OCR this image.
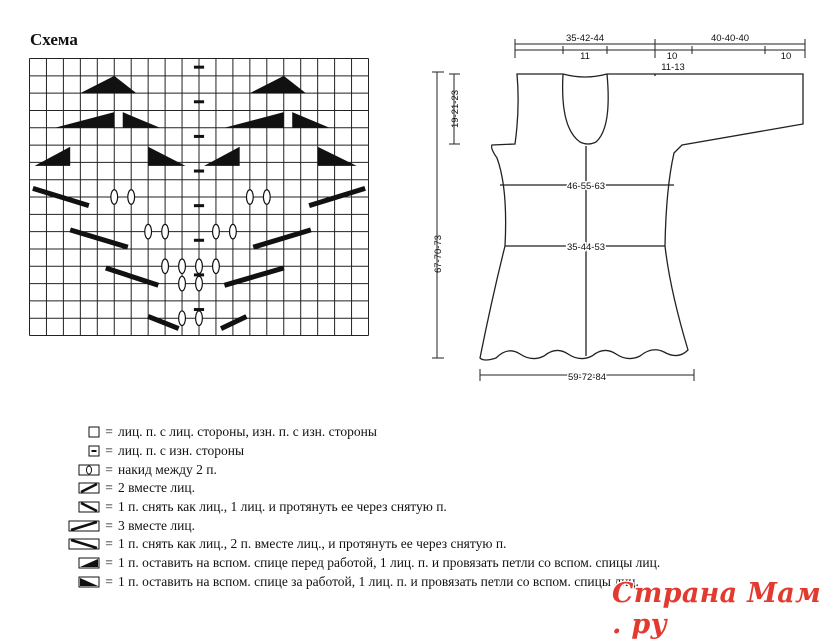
Схема	35-42-44
11	10
40-40-40
10
11-13
19-21-23
67-70-73
46-55-63
35-44-53
59-72-84
= лиц. п. с лиц. стороны, изн. п. с изн. стороны
= лиц. п. с изн. стороны
= накид между 2 п.
= 2 вместе лиц.
= 1 п. снять как лиц., 1 лиц. и протянуть ее через снятую п.
= 3 вместе лиц.
= 1 п. снять как лиц., 2 п. вместе лиц., и протянуть ее через снятую п.
= 1 п. оставить на вспом. спице перед работой, 1 лиц. п. и провязать петли со вспом. спицы лиц.
= 1 п. оставить на вспом. спице за работой, 1 лиц. п. и провязать петли со вспом. спицы лиц.
Страна Мам . ру
